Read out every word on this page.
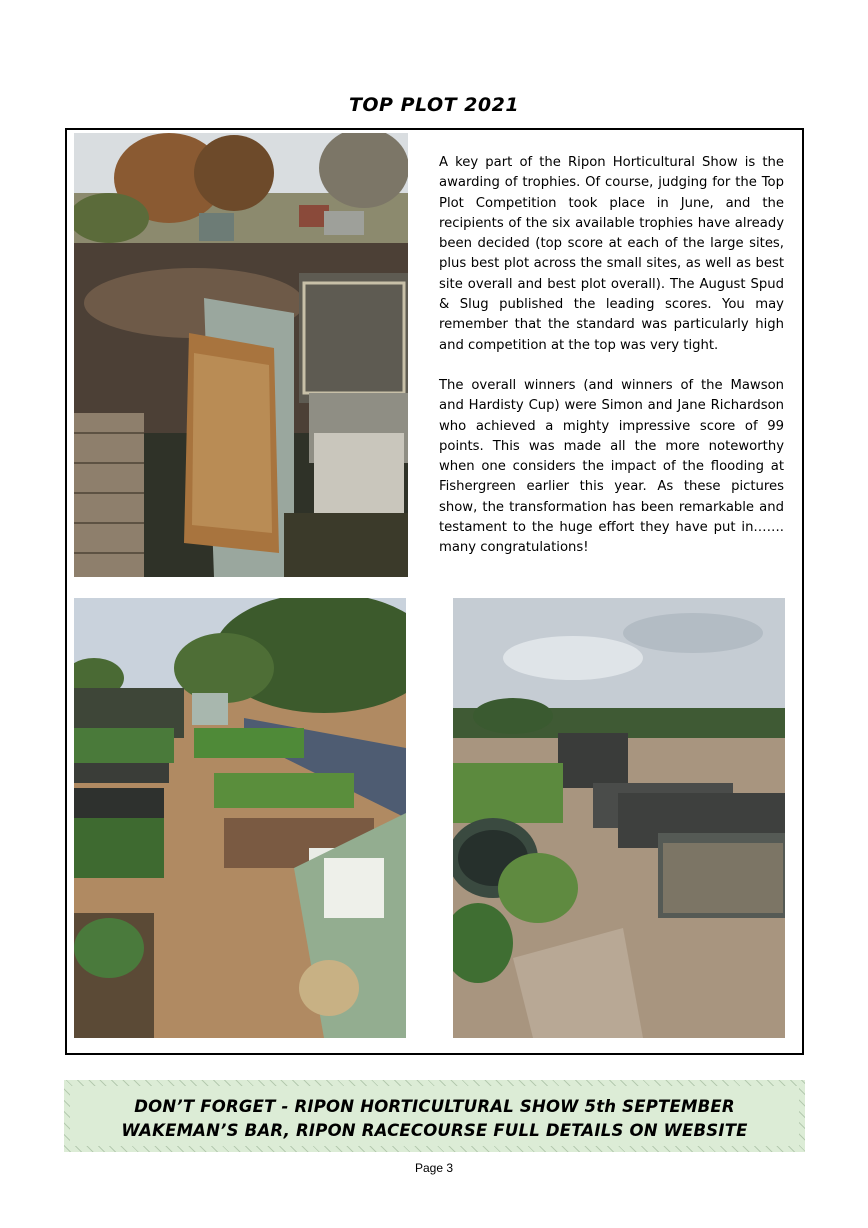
TOP PLOT 2021

A key part of the Ripon Horticultural Show is the awarding of trophies. Of course, judging for the Top Plot Competition took place in June, and the recipients of the six available trophies have already been decided (top score at each of the large sites, plus best plot across the small sites, as well as best site overall and best plot overall). The August Spud & Slug published the leading scores. You may remember that the standard was particularly high and competition at the top was very tight.

The overall winners (and winners of the Mawson and Hardisty Cup) were Simon and Jane Richardson who achieved a mighty impressive score of 99 points. This was made all the more noteworthy when one considers the impact of the flooding at Fishergreen earlier this year. As these pictures show, the transformation has been remarkable and testament to the huge effort they have put in……. many congratulations!

DON’T FORGET - RIPON HORTICULTURAL SHOW 5th SEPTEMBER
WAKEMAN’S BAR, RIPON RACECOURSE FULL DETAILS ON WEBSITE
Page 3
